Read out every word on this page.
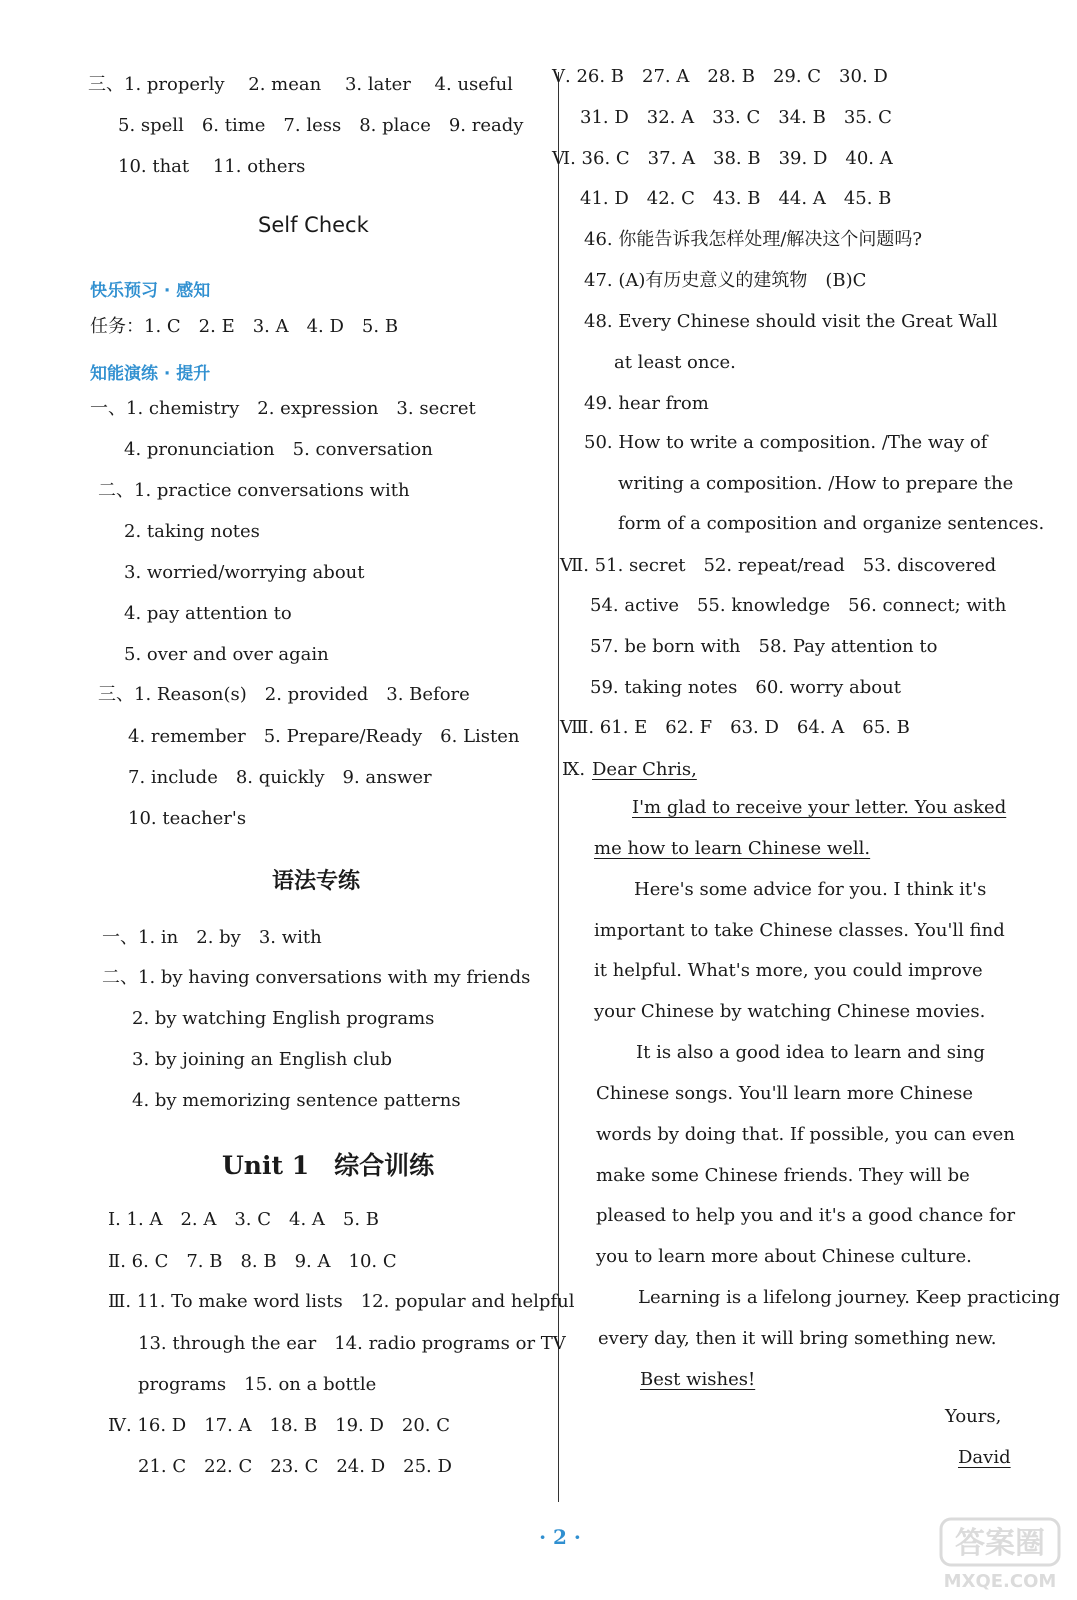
三、1. properly　 2. mean　 3. later　 4. useful
5. spell　6. time　7. less　8. place　9. ready
10. that　 11. others
Self Check
快乐预习 · 感知
任务：1. C　2. E　3. A　4. D　5. B
知能演练 · 提升
一、1. chemistry　2. expression　3. secret
4. pronunciation　5. conversation
二、1. practice conversations with
2. taking notes
3. worried/worrying about
4. pay attention to
5. over and over again
三、1. Reason(s)　2. provided　3. Before
4. remember　5. Prepare/Ready　6. Listen
7. include　8. quickly　9. answer
10. teacher's
语法专练
一、1. in　2. by　3. with
二、1. by having conversations with my friends
2. by watching English programs
3. by joining an English club
4. by memorizing sentence patterns
Unit 1　综合训练
Ⅰ. 1. A　2. A　3. C　4. A　5. B
Ⅱ. 6. C　7. B　8. B　9. A　10. C
Ⅲ. 11. To make word lists　12. popular and helpful
13. through the ear　14. radio programs or TV
programs　15. on a bottle
Ⅳ. 16. D　17. A　18. B　19. D　20. C
21. C　22. C　23. C　24. D　25. D
Ⅴ. 26. B　27. A　28. B　29. C　30. D
31. D　32. A　33. C　34. B　35. C
Ⅵ. 36. C　37. A　38. B　39. D　40. A
41. D　42. C　43. B　44. A　45. B
46. 你能告诉我怎样处理/解决这个问题吗?
47. (A)有历史意义的建筑物　(B)C
48. Every Chinese should visit the Great Wall
at least once.
49. hear from
50. How to write a composition. /The way of
writing a composition. /How to prepare the
form of a composition and organize sentences.
Ⅶ. 51. secret　52. repeat/read　53. discovered
54. active　55. knowledge　56. connect; with
57. be born with　58. Pay attention to
59. taking notes　60. worry about
Ⅷ. 61. E　62. F　63. D　64. A　65. B
Ⅸ. Dear Chris,
I'm glad to receive your letter. You asked
me how to learn Chinese well.
Here's some advice for you. I think it's
important to take Chinese classes. You'll find
it helpful. What's more, you could improve
your Chinese by watching Chinese movies.
It is also a good idea to learn and sing
Chinese songs. You'll learn more Chinese
words by doing that. If possible, you can even
make some Chinese friends. They will be
pleased to help you and it's a good chance for
you to learn more about Chinese culture.
Learning is a lifelong journey. Keep practicing
every day, then it will bring something new.
Best wishes!
Yours,
David
· 2 ·	答案圈
MXQE.COM
